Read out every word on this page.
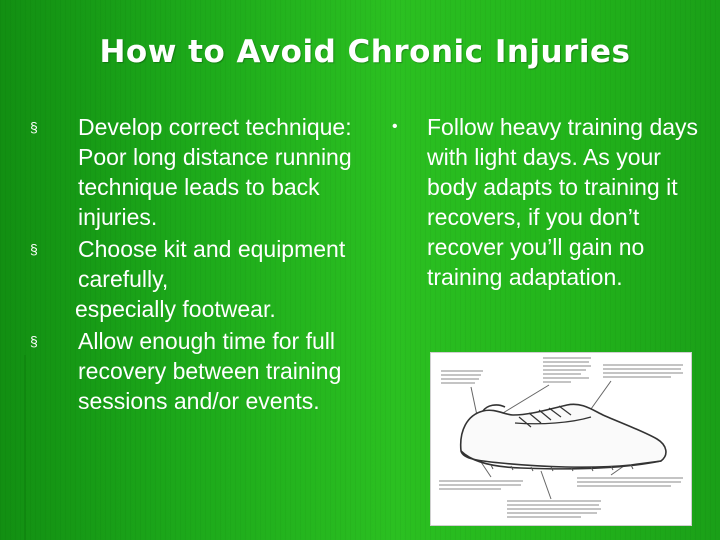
How to Avoid Chronic Injuries
§	Develop correct technique: Poor long distance running technique leads to back injuries.
§	Choose kit and equipment carefully,
especially footwear.
§	Allow enough time for full recovery between training sessions and/or events.
•	Follow heavy training days with light days. As your body adapts to training it recovers, if you don’t recover you’ll gain no training adaptation.
